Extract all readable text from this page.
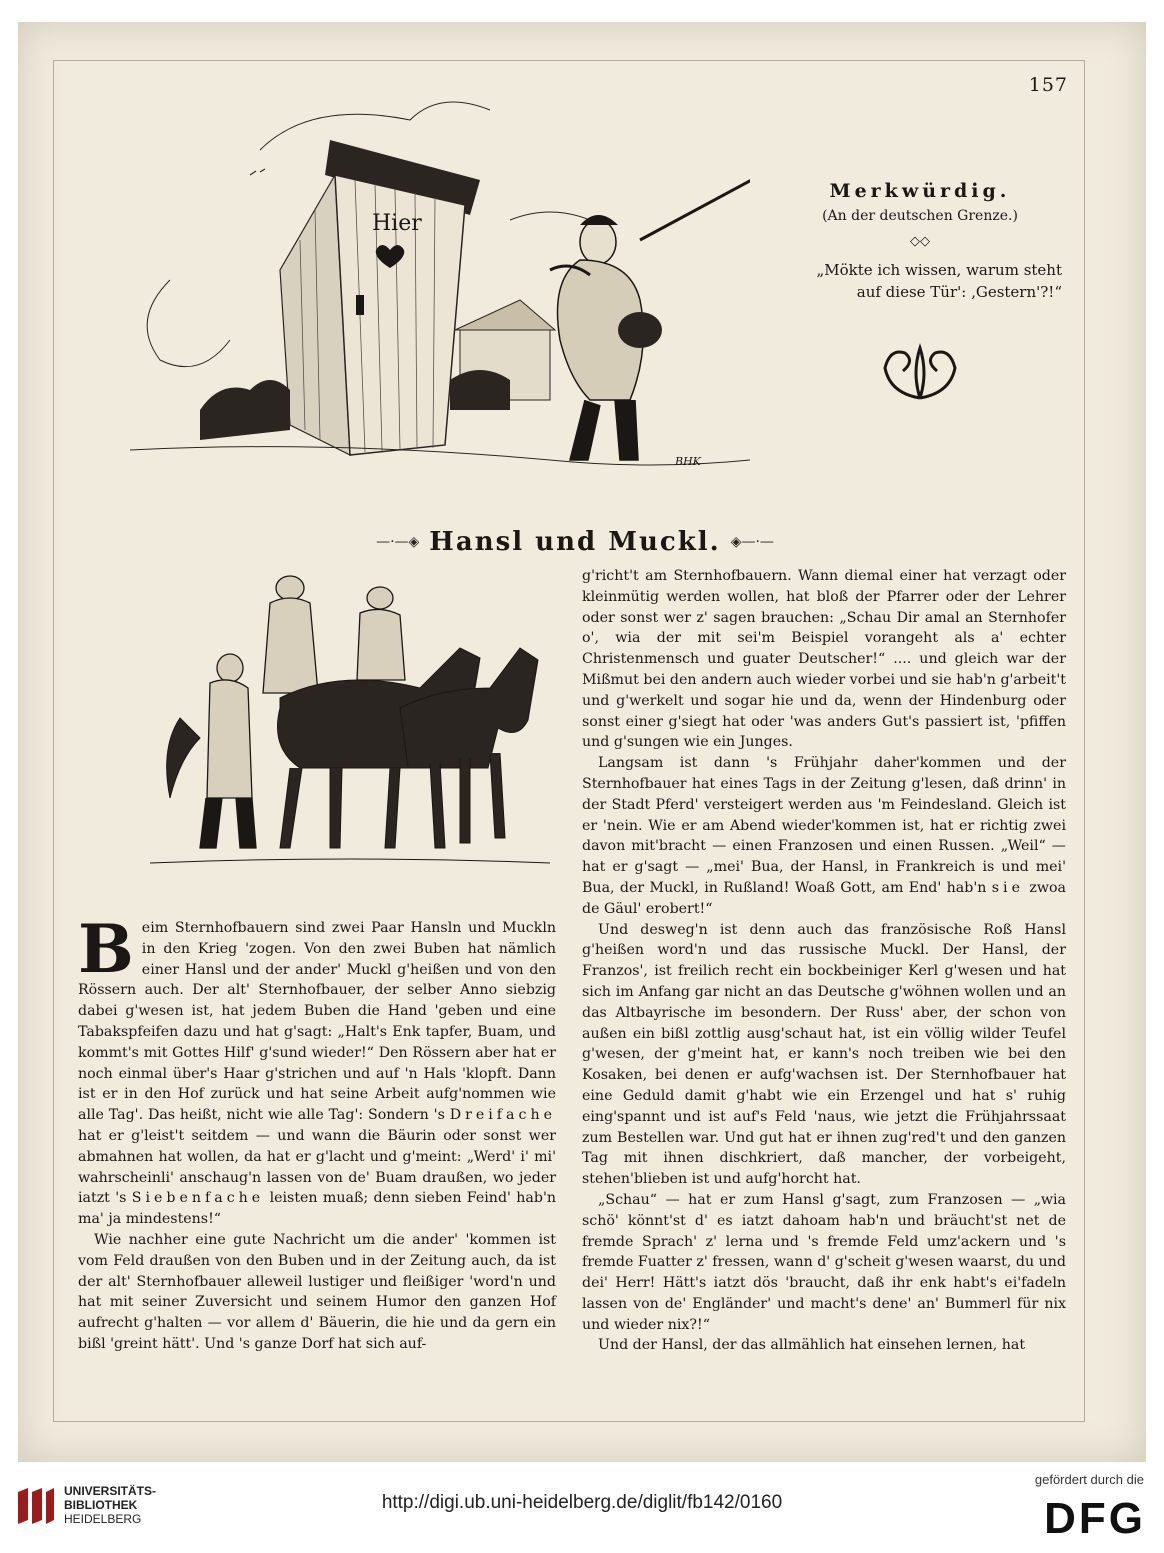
157
Hier
BHK
Merkwürdig.
(An der deutschen Grenze.)
◇◇
„Mökte ich wissen, warum steht
auf diese Tür': ‚Gestern'?!“
—·—◈ Hansl und Muckl. ◈—·—

Beim Sternhofbauern sind zwei Paar Hansln und Muckln in den Krieg 'zogen. Von den zwei Buben hat nämlich einer Hansl und der ander' Muckl g'heißen und von den Rössern auch. Der alt' Sternhofbauer, der selber Anno siebzig dabei g'wesen ist, hat jedem Buben die Hand 'geben und eine Tabakspfeifen dazu und hat g'sagt: „Halt's Enk tapfer, Buam, und kommt's mit Gottes Hilf' g'sund wieder!“ Den Rössern aber hat er noch einmal über's Haar g'strichen und auf 'n Hals 'klopft. Dann ist er in den Hof zurück und hat seine Arbeit aufg'nommen wie alle Tag'. Das heißt, nicht wie alle Tag': Sondern 's Dreifache hat er g'leist't seitdem — und wann die Bäurin oder sonst wer abmahnen hat wollen, da hat er g'lacht und g'meint: „Werd' i' mi' wahrscheinli' anschaug'n lassen von de' Buam draußen, wo jeder iatzt 's Siebenfache leisten muaß; denn sieben Feind' hab'n ma' ja mindestens!“

Wie nachher eine gute Nachricht um die ander' 'kommen ist vom Feld draußen von den Buben und in der Zeitung auch, da ist der alt' Sternhofbauer alleweil lustiger und fleißiger 'word'n und hat mit seiner Zuversicht und seinem Humor den ganzen Hof aufrecht g'halten — vor allem d' Bäuerin, die hie und da gern ein bißl 'greint hätt'. Und 's ganze Dorf hat sich auf-

g'richt't am Sternhofbauern. Wann diemal einer hat verzagt oder kleinmütig werden wollen, hat bloß der Pfarrer oder der Lehrer oder sonst wer z' sagen brauchen: „Schau Dir amal an Sternhofer o', wia der mit sei'm Beispiel vorangeht als a' echter Christenmensch und guater Deutscher!“ .... und gleich war der Mißmut bei den andern auch wieder vorbei und sie hab'n g'arbeit't und g'werkelt und sogar hie und da, wenn der Hindenburg oder sonst einer g'siegt hat oder 'was anders Gut's passiert ist, 'pfiffen und g'sungen wie ein Junges.

Langsam ist dann 's Frühjahr daher'kommen und der Sternhofbauer hat eines Tags in der Zeitung g'lesen, daß drinn' in der Stadt Pferd' versteigert werden aus 'm Feindesland. Gleich ist er 'nein. Wie er am Abend wieder'kommen ist, hat er richtig zwei davon mit'bracht — einen Franzosen und einen Russen. „Weil“ — hat er g'sagt — „mei' Bua, der Hansl, in Frankreich is und mei' Bua, der Muckl, in Rußland! Woaß Gott, am End' hab'n sie zwoa de Gäul' erobert!“

Und desweg'n ist denn auch das französische Roß Hansl g'heißen word'n und das russische Muckl. Der Hansl, der Franzos', ist freilich recht ein bockbeiniger Kerl g'wesen und hat sich im Anfang gar nicht an das Deutsche g'wöhnen wollen und an das Altbayrische im besondern. Der Russ' aber, der schon von außen ein bißl zottlig ausg'schaut hat, ist ein völlig wilder Teufel g'wesen, der g'meint hat, er kann's noch treiben wie bei den Kosaken, bei denen er aufg'wachsen ist. Der Sternhofbauer hat eine Geduld damit g'habt wie ein Erzengel und hat s' ruhig eing'spannt und ist auf's Feld 'naus, wie jetzt die Frühjahrssaat zum Bestellen war. Und gut hat er ihnen zug'red't und den ganzen Tag mit ihnen dischkriert, daß mancher, der vorbeigeht, stehen'blieben ist und aufg'horcht hat.

„Schau“ — hat er zum Hansl g'sagt, zum Franzosen — „wia schö' könnt'st d' es iatzt dahoam hab'n und bräucht'st net de fremde Sprach' z' lerna und 's fremde Feld umz'ackern und 's fremde Fuatter z' fressen, wann d' g'scheit g'wesen waarst, du und dei' Herr! Hätt's iatzt dös 'braucht, daß ihr enk habt's ei'fadeln lassen von de' Engländer' und macht's dene' an' Bummerl für nix und wieder nix?!“

Und der Hansl, der das allmählich hat einsehen lernen, hat

UNIVERSITÄTS-
BIBLIOTHEK
HEIDELBERG
http://digi.ub.uni-heidelberg.de/diglit/fb142/0160
gefördert durch die
DFG
